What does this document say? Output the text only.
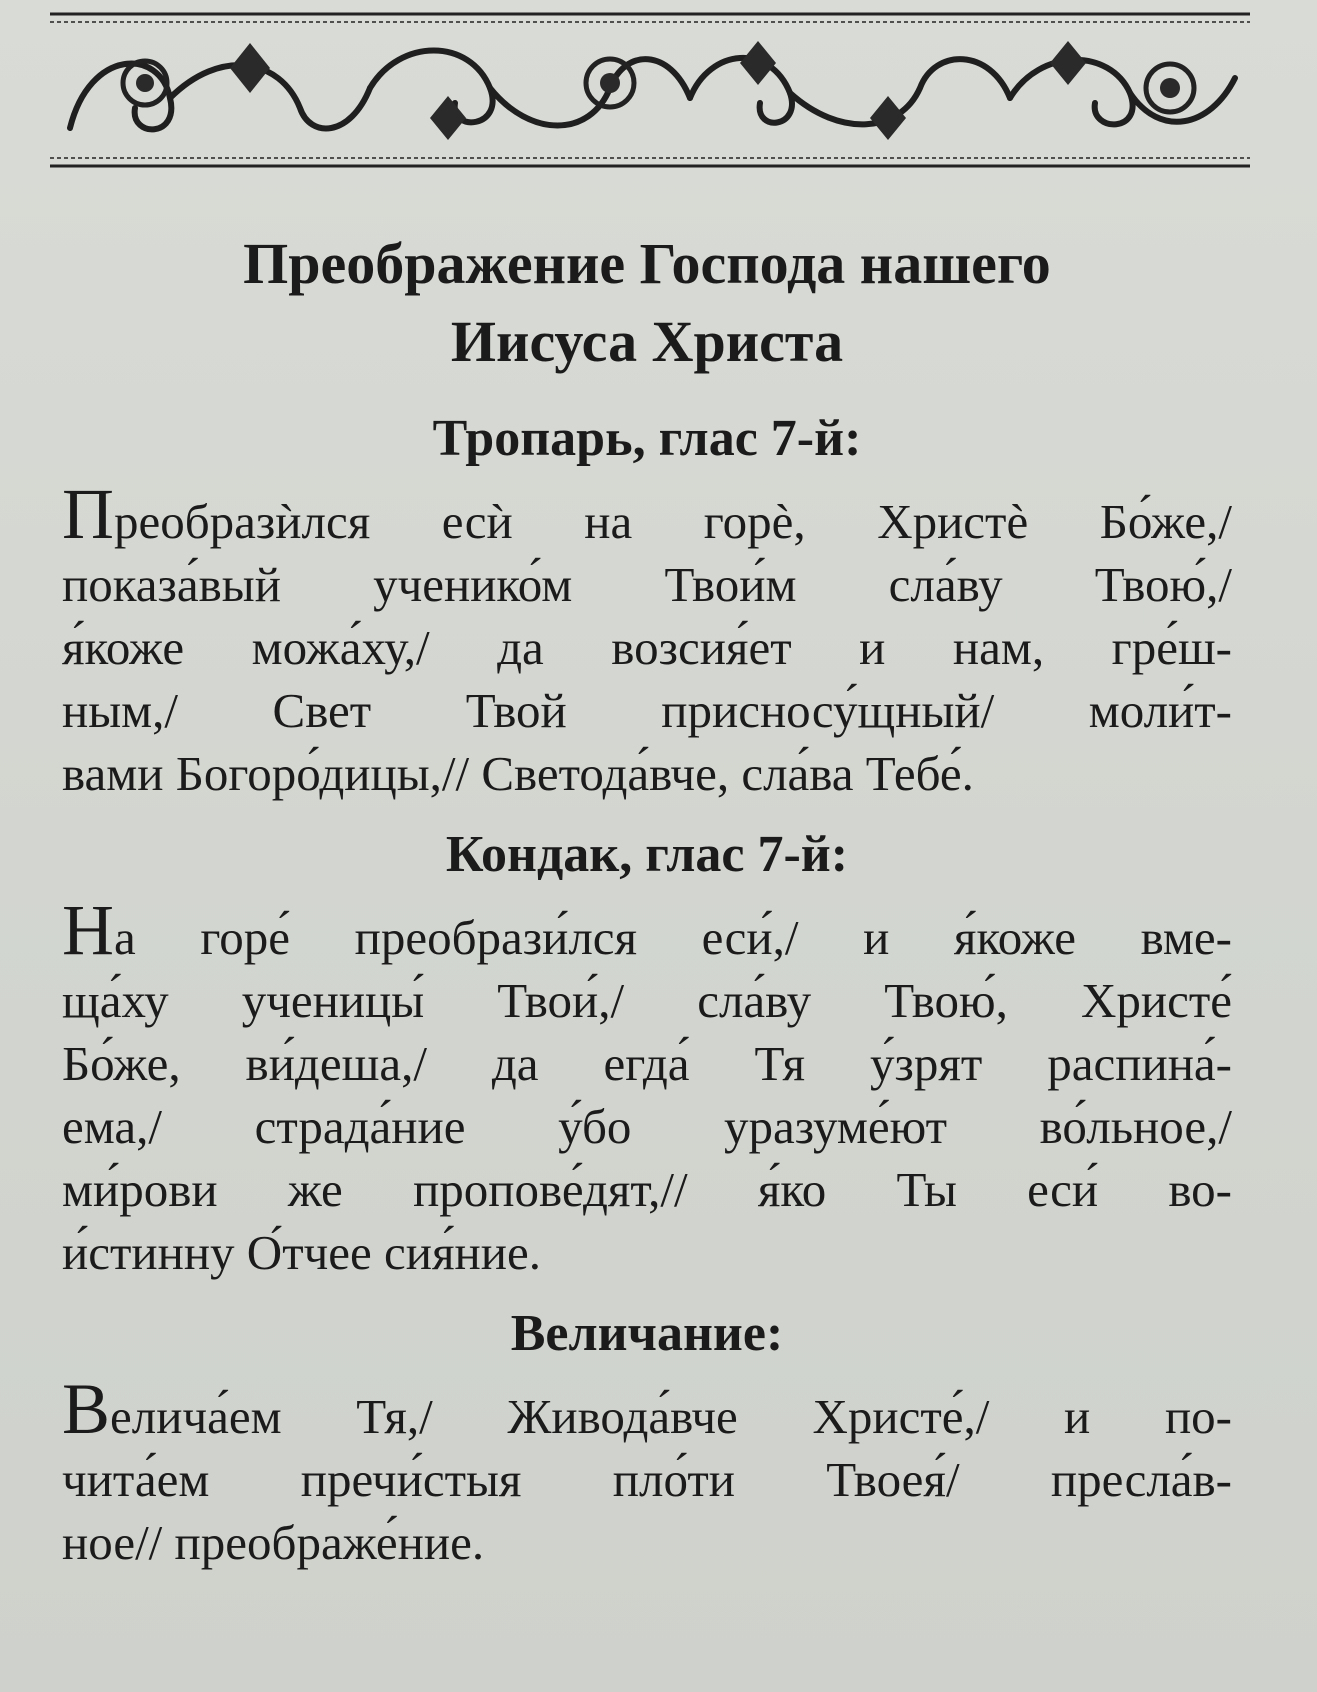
Преображение Господа нашего
Иисуса Христа

Тропарь, глас 7-й:

Преобразѝлся есѝ на горѐ, Христѐ Бо́же,/
показа́вый ученико́м Твои́м сла́ву Твою́,/
я́коже можа́ху,/ да возсия́ет и нам, гре́ш-
ным,/ Свет Твой присносу́щный/ моли́т-
вами Богоро́дицы,// Светода́вче, сла́ва Тебе́.

Кондак, глас 7-й:

На горе́ преобрази́лся еси́,/ и я́коже вме-
ща́ху ученицы́ Твои́,/ сла́ву Твою́, Христе́
Бо́же, ви́деша,/ да егда́ Тя у́зрят распина́-
ема,/ страда́ние у́бо уразуме́ют во́льное,/
ми́рови же пропове́дят,// я́ко Ты еси́ во-
и́стинну О́тчее сия́ние.

Величание:

Велича́ем Тя,/ Живода́вче Христе́,/ и по-
чита́ем пречи́стыя пло́ти Твоея́/ пресла́в-
ное// преображе́ние.
